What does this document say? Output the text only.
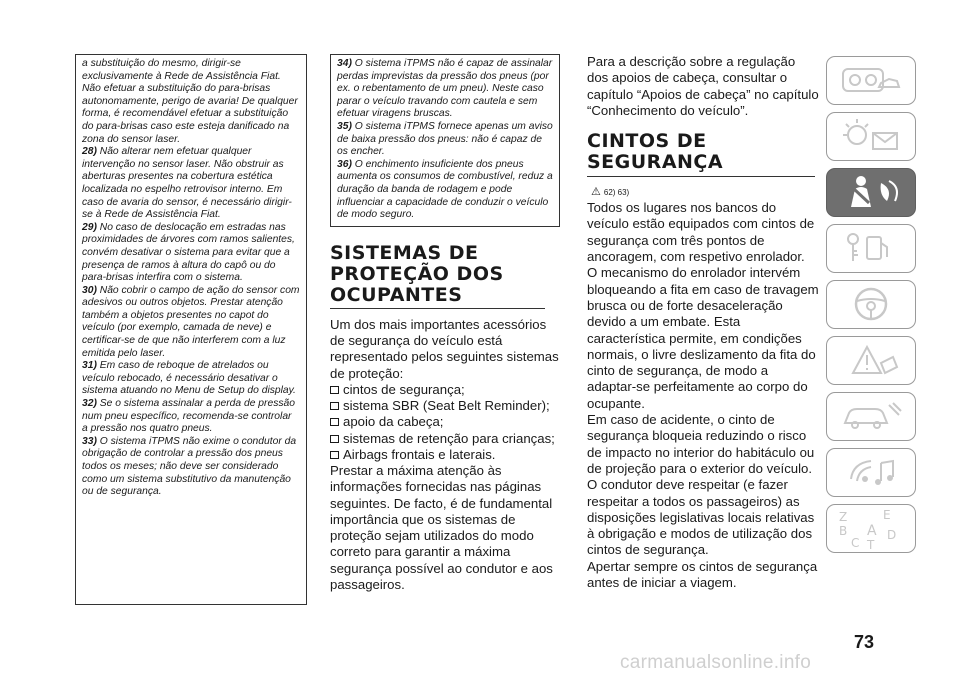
a substituição do mesmo, dirigir-se exclusivamente à Rede de Assistência Fiat. Não efetuar a substituição do para-brisas autonomamente, perigo de avaria! De qualquer forma, é recomendável efetuar a substituição do para-brisas caso este esteja danificado na zona do sensor laser.
28) Não alterar nem efetuar qualquer intervenção no sensor laser. Não obstruir as aberturas presentes na cobertura estética localizada no espelho retrovisor interno. Em caso de avaria do sensor, é necessário dirigir-se à Rede de Assistência Fiat.
29) No caso de deslocação em estradas nas proximidades de árvores com ramos salientes, convém desativar o sistema para evitar que a presença de ramos à altura do capô ou do para-brisas interfira com o sistema.
30) Não cobrir o campo de ação do sensor com adesivos ou outros objetos. Prestar atenção também a objetos presentes no capot do veículo (por exemplo, camada de neve) e certificar-se de que não interferem com a luz emitida pelo laser.
31) Em caso de reboque de atrelados ou veículo rebocado, é necessário desativar o sistema atuando no Menu de Setup do display.
32) Se o sistema assinalar a perda de pressão num pneu específico, recomenda-se controlar a pressão nos quatro pneus.
33) O sistema iTPMS não exime o condutor da obrigação de controlar a pressão dos pneus todos os meses; não deve ser considerado como um sistema substitutivo da manutenção ou de segurança.
34) O sistema iTPMS não é capaz de assinalar perdas imprevistas da pressão dos pneus (por ex. o rebentamento de um pneu). Neste caso parar o veículo travando com cautela e sem efetuar viragens bruscas.
35) O sistema iTPMS fornece apenas um aviso de baixa pressão dos pneus: não é capaz de os encher.
36) O enchimento insuficiente dos pneus aumenta os consumos de combustível, reduz a duração da banda de rodagem e pode influenciar a capacidade de conduzir o veículo de modo seguro.
SISTEMAS DE PROTEÇÃO DOS OCUPANTES
Um dos mais importantes acessórios de segurança do veículo está representado pelos seguintes sistemas de proteção:
cintos de segurança;
sistema SBR (Seat Belt Reminder);
apoio da cabeça;
sistemas de retenção para crianças;
Airbags frontais e laterais.
Prestar a máxima atenção às informações fornecidas nas páginas seguintes. De facto, é de fundamental importância que os sistemas de proteção sejam utilizados do modo correto para garantir a máxima segurança possível ao condutor e aos passageiros.
Para a descrição sobre a regulação dos apoios de cabeça, consultar o capítulo “Apoios de cabeça” no capítulo “Conhecimento do veículo”.
CINTOS DE SEGURANÇA
⚠ 62) 63)
Todos os lugares nos bancos do veículo estão equipados com cintos de segurança com três pontos de ancoragem, com respetivo enrolador.
O mecanismo do enrolador intervém bloqueando a fita em caso de travagem brusca ou de forte desaceleração devido a um embate. Esta característica permite, em condições normais, o livre deslizamento da fita do cinto de segurança, de modo a adaptar-se perfeitamente ao corpo do ocupante.
Em caso de acidente, o cinto de segurança bloqueia reduzindo o risco de impacto no interior do habitáculo ou de projeção para o exterior do veículo. O condutor deve respeitar (e fazer respeitar a todos os passageiros) as disposições legislativas locais relativas à obrigação e modos de utilização dos cintos de segurança.
Apertar sempre os cintos de segurança antes de iniciar a viagem.
Z	E
B A
C T
D
73
carmanualsonline.info
